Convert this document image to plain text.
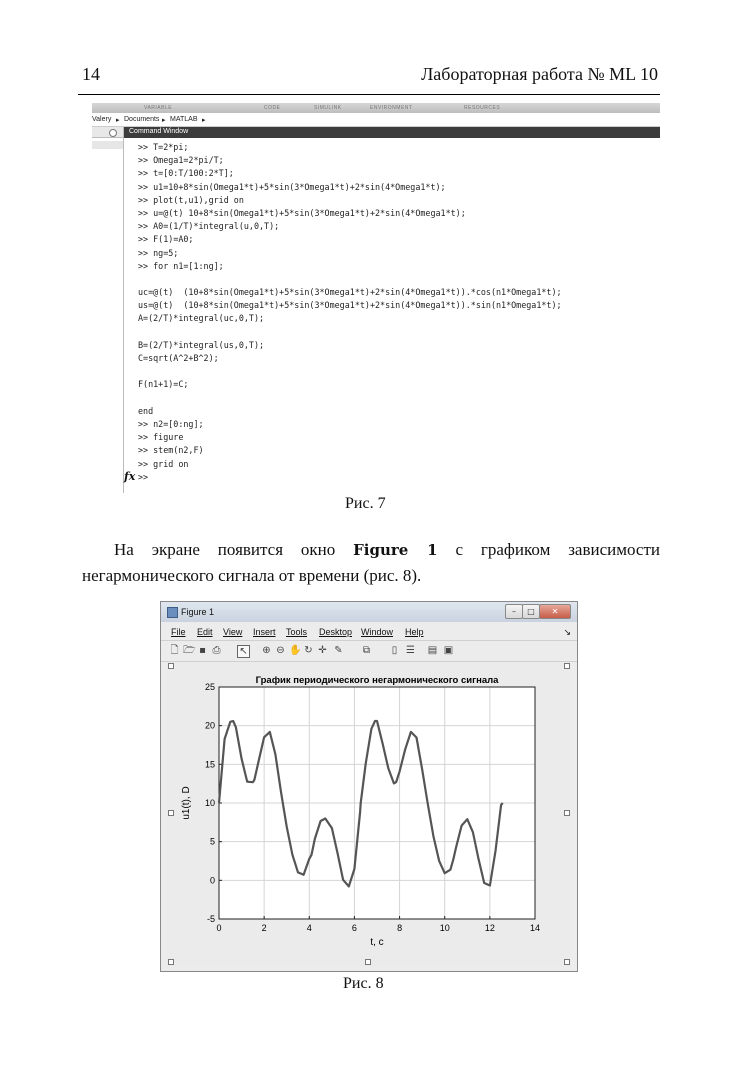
14	Лабораторная работа № ML 10
VARIABLE	CODE	SIMULINK	ENVIRONMENT	RESOURCES
Valery ▸ Documents ▸ MATLAB ▸
Command Window
>> T=2*pi;
>> Omega1=2*pi/T;
>> t=[0:T/100:2*T];
>> u1=10+8*sin(Omega1*t)+5*sin(3*Omega1*t)+2*sin(4*Omega1*t);
>> plot(t,u1),grid on
>> u=@(t) 10+8*sin(Omega1*t)+5*sin(3*Omega1*t)+2*sin(4*Omega1*t);
>> A0=(1/T)*integral(u,0,T);
>> F(1)=A0;
>> ng=5;
>> for n1=[1:ng];
uc=@(t)  (10+8*sin(Omega1*t)+5*sin(3*Omega1*t)+2*sin(4*Omega1*t)).*cos(n1*Omega1*t);
us=@(t)  (10+8*sin(Omega1*t)+5*sin(3*Omega1*t)+2*sin(4*Omega1*t)).*sin(n1*Omega1*t);
A=(2/T)*integral(uc,0,T);
B=(2/T)*integral(us,0,T);
C=sqrt(A^2+B^2);
F(n1+1)=C;
end
>> n2=[0:ng];
>> figure
>> stem(n2,F)
>> grid on
>>
fx
Рис. 7
На экране появится окно Figure 1 с графиком зависимости негармонического сигнала от времени (рис. 8).
Figure 1	–	□	✕
File Edit View Insert Tools Desktop Window Help	↘
🗋 🗁 ▪ ⎙ ↖ ⊕ ⊖ ✋ ↻ ✛ ✎ ⧉ ▯ ☰ ▤ ▣
0	2	4	6	8	10	12	14
-5
0
5
10
15
20
25
График периодического негармонического сигнала
t, c
u1(t), D
Рис. 8
